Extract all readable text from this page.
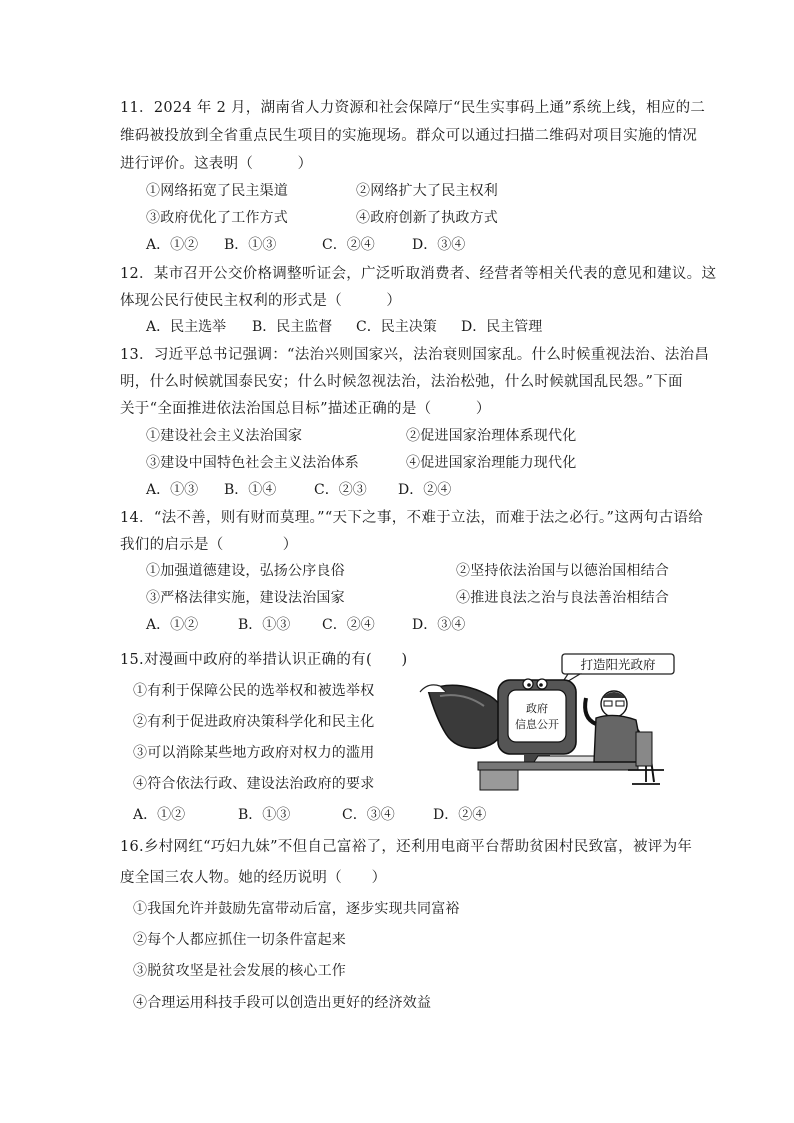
11．2024 年 2 月，湖南省人力资源和社会保障厅“民生实事码上通”系统上线，相应的二
维码被投放到全省重点民生项目的实施现场。群众可以通过扫描二维码对项目实施的情况
进行评价。这表明（　　　）
①网络拓宽了民主渠道	②网络扩大了民主权利
③政府优化了工作方式	④政府创新了执政方式
A．①② B．①③	C．②④	D．③④
12．某市召开公交价格调整听证会，广泛听取消费者、经营者等相关代表的意见和建议。这
体现公民行使民主权利的形式是（　　　）
A．民主选举 B．民主监督 C．民主决策 D．民主管理
13．习近平总书记强调：“法治兴则国家兴，法治衰则国家乱。什么时候重视法治、法治昌
明，什么时候就国泰民安；什么时候忽视法治，法治松弛，什么时候就国乱民怨。”下面
关于“全面推进依法治国总目标”描述正确的是（　　　）
①建设社会主义法治国家	②促进国家治理体系现代化
③建设中国特色社会主义法治体系	④促进国家治理能力现代化
A．①③ B．①④	C．②③ D．②④
14．“法不善，则有财而莫理。”“天下之事，不难于立法，而难于法之必行。”这两句古语给
我们的启示是（　　　　）
①加强道德建设，弘扬公序良俗	②坚持依法治国与以德治国相结合
③严格法律实施，建设法治国家	④推进良法之治与良法善治相结合
A．①②	B．①③ C．②④	D．③④
15.对漫画中政府的举措认识正确的有(　　)
①有利于保障公民的选举权和被选举权
②有利于促进政府决策科学化和民主化
③可以消除某些地方政府对权力的滥用
④符合依法行政、建设法治政府的要求
A．①②	B．①③	C．③④	D．②④
打造阳光政府
政府
信息公开
16.乡村网红“巧妇九妹”不但自己富裕了，还利用电商平台帮助贫困村民致富，被评为年
度全国三农人物。她的经历说明（　　）
①我国允许并鼓励先富带动后富，逐步实现共同富裕
②每个人都应抓住一切条件富起来
③脱贫攻坚是社会发展的核心工作
④合理运用科技手段可以创造出更好的经济效益
